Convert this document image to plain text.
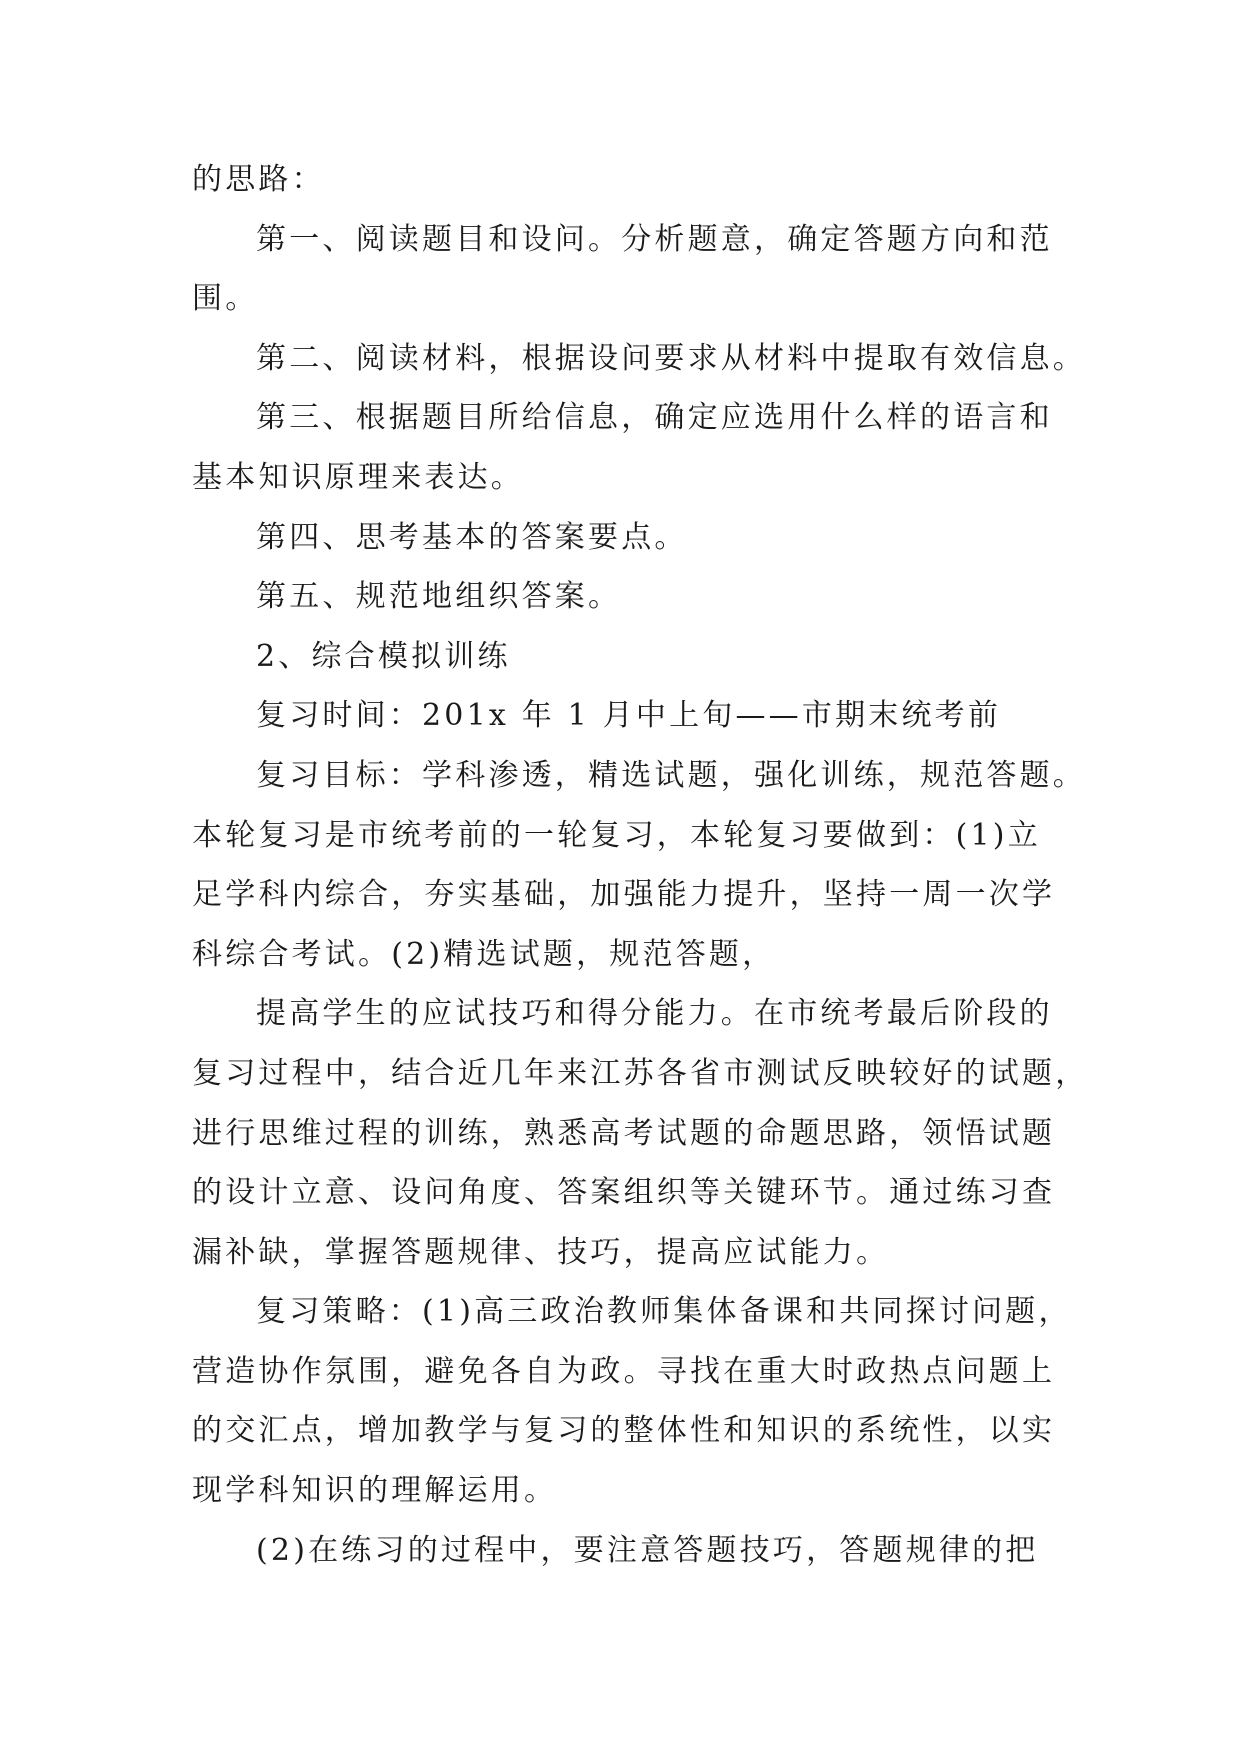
的思路：
第一、阅读题目和设问。分析题意，确定答题方向和范
围。
第二、阅读材料，根据设问要求从材料中提取有效信息。
第三、根据题目所给信息，确定应选用什么样的语言和
基本知识原理来表达。
第四、思考基本的答案要点。
第五、规范地组织答案。
2、综合模拟训练
复习时间：201x 年 1 月中上旬——市期末统考前
复习目标：学科渗透，精选试题，强化训练，规范答题。
本轮复习是市统考前的一轮复习，本轮复习要做到：(1)立
足学科内综合，夯实基础，加强能力提升，坚持一周一次学
科综合考试。(2)精选试题，规范答题，
提高学生的应试技巧和得分能力。在市统考最后阶段的
复习过程中，结合近几年来江苏各省市测试反映较好的试题，
进行思维过程的训练，熟悉高考试题的命题思路，领悟试题
的设计立意、设问角度、答案组织等关键环节。通过练习查
漏补缺，掌握答题规律、技巧，提高应试能力。
复习策略：(1)高三政治教师集体备课和共同探讨问题，
营造协作氛围，避免各自为政。寻找在重大时政热点问题上
的交汇点，增加教学与复习的整体性和知识的系统性，以实
现学科知识的理解运用。
(2)在练习的过程中，要注意答题技巧，答题规律的把
